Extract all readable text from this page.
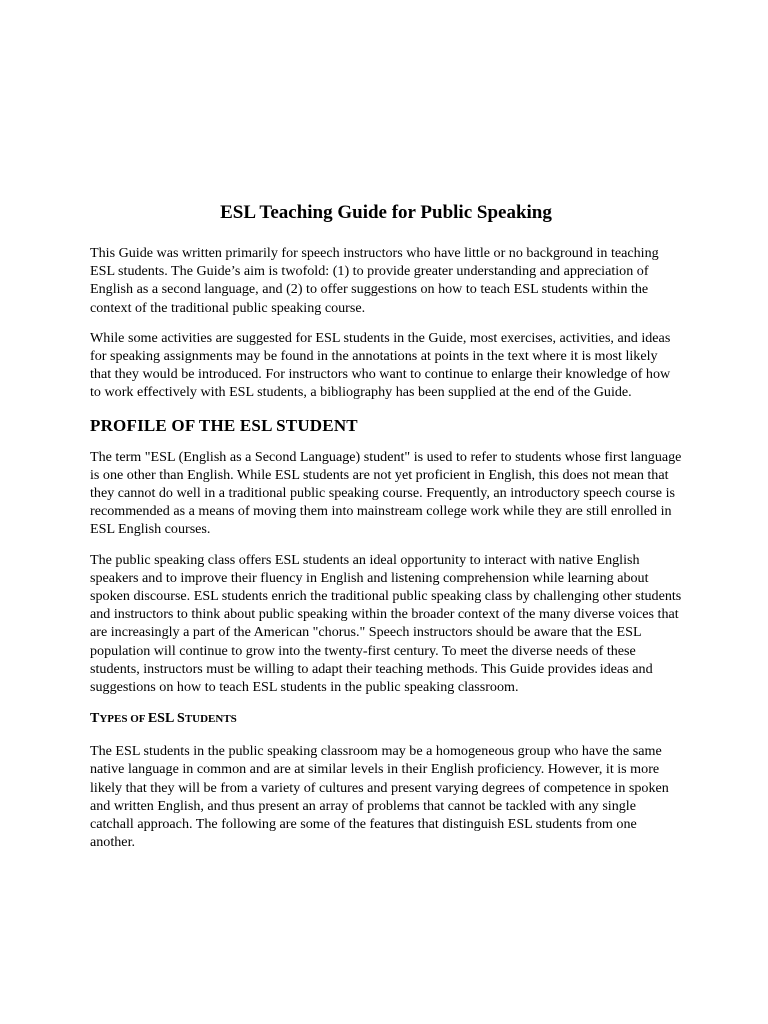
ESL Teaching Guide for Public Speaking

This Guide was written primarily for speech instructors who have little or no background in teaching ESL students. The Guide’s aim is twofold: (1) to provide greater understanding and appreciation of English as a second language, and (2) to offer suggestions on how to teach ESL students within the context of the traditional public speaking course.

While some activities are suggested for ESL students in the Guide, most exercises, activities, and ideas for speaking assignments may be found in the annotations at points in the text where it is most likely that they would be introduced. For instructors who want to continue to enlarge their knowledge of how to work effectively with ESL students, a bibliography has been supplied at the end of the Guide.

PROFILE OF THE ESL STUDENT

The term "ESL (English as a Second Language) student" is used to refer to students whose first language is one other than English. While ESL students are not yet proficient in English, this does not mean that they cannot do well in a traditional public speaking course. Frequently, an introductory speech course is recommended as a means of moving them into mainstream college work while they are still enrolled in ESL English courses.

The public speaking class offers ESL students an ideal opportunity to interact with native English speakers and to improve their fluency in English and listening comprehension while learning about spoken discourse. ESL students enrich the traditional public speaking class by challenging other students and instructors to think about public speaking within the broader context of the many diverse voices that are increasingly a part of the American "chorus." Speech instructors should be aware that the ESL population will continue to grow into the twenty-first century. To meet the diverse needs of these students, instructors must be willing to adapt their teaching methods. This Guide provides ideas and suggestions on how to teach ESL students in the public speaking classroom.

TYPES OF ESL STUDENTS

The ESL students in the public speaking classroom may be a homogeneous group who have the same native language in common and are at similar levels in their English proficiency. However, it is more likely that they will be from a variety of cultures and present varying degrees of competence in spoken and written English, and thus present an array of problems that cannot be tackled with any single catchall approach. The following are some of the features that distinguish ESL students from one another.
